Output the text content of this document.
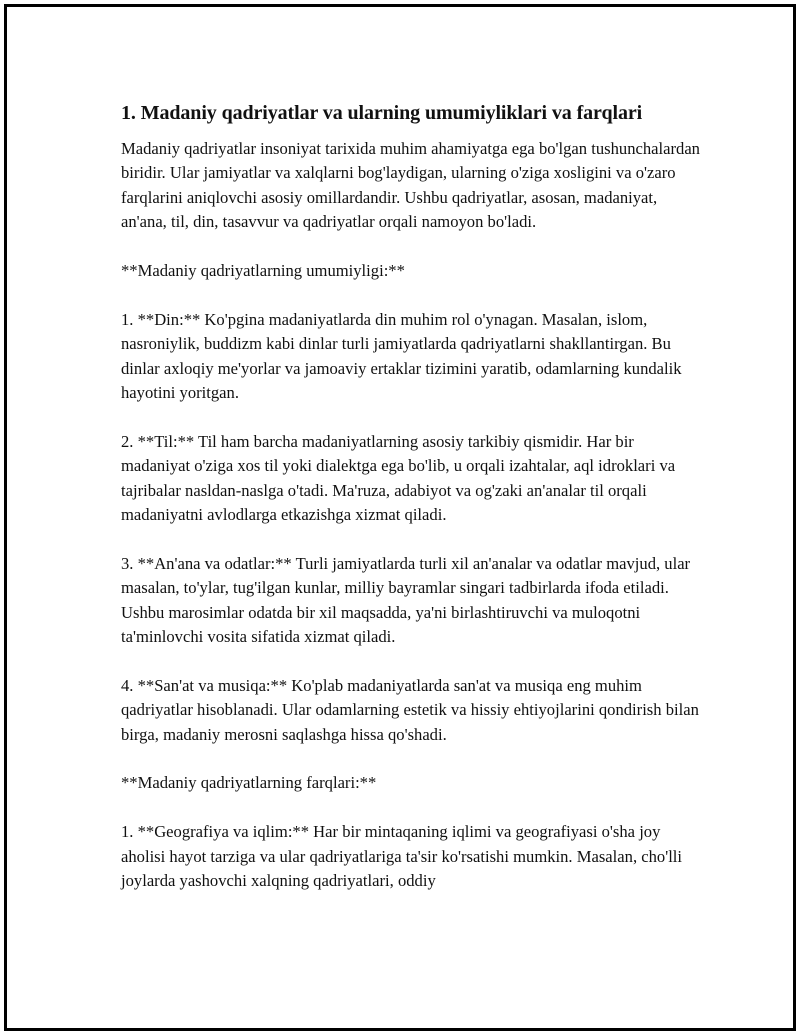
1. Madaniy qadriyatlar va ularning umumiyliklari va farqlari

Madaniy qadriyatlar insoniyat tarixida muhim ahamiyatga ega bo'lgan tushunchalardan biridir. Ular jamiyatlar va xalqlarni bog'laydigan, ularning o'ziga xosligini va o'zaro farqlarini aniqlovchi asosiy omillardandir. Ushbu qadriyatlar, asosan, madaniyat, an'ana, til, din, tasavvur va qadriyatlar orqali namoyon bo'ladi.

**Madaniy qadriyatlarning umumiyligi:**

1. **Din:** Ko'pgina madaniyatlarda din muhim rol o'ynagan. Masalan, islom, nasroniylik, buddizm kabi dinlar turli jamiyatlarda qadriyatlarni shakllantirgan. Bu dinlar axloqiy me'yorlar va jamoaviy ertaklar tizimini yaratib, odamlarning kundalik hayotini yoritgan.

2. **Til:** Til ham barcha madaniyatlarning asosiy tarkibiy qismidir. Har bir madaniyat o'ziga xos til yoki dialektga ega bo'lib, u orqali izahtalar, aql idroklari va tajribalar nasldan-naslga o'tadi. Ma'ruza, adabiyot va og'zaki an'analar til orqali madaniyatni avlodlarga etkazishga xizmat qiladi.

3. **An'ana va odatlar:** Turli jamiyatlarda turli xil an'analar va odatlar mavjud, ular masalan, to'ylar, tug'ilgan kunlar, milliy bayramlar singari tadbirlarda ifoda etiladi. Ushbu marosimlar odatda bir xil maqsadda, ya'ni birlashtiruvchi va muloqotni ta'minlovchi vosita sifatida xizmat qiladi.

4. **San'at va musiqa:** Ko'plab madaniyatlarda san'at va musiqa eng muhim qadriyatlar hisoblanadi. Ular odamlarning estetik va hissiy ehtiyojlarini qondirish bilan birga, madaniy merosni saqlashga hissa qo'shadi.

**Madaniy qadriyatlarning farqlari:**

1. **Geografiya va iqlim:** Har bir mintaqaning iqlimi va geografiyasi o'sha joy aholisi hayot tarziga va ular qadriyatlariga ta'sir ko'rsatishi mumkin. Masalan, cho'lli joylarda yashovchi xalqning qadriyatlari, oddiy
